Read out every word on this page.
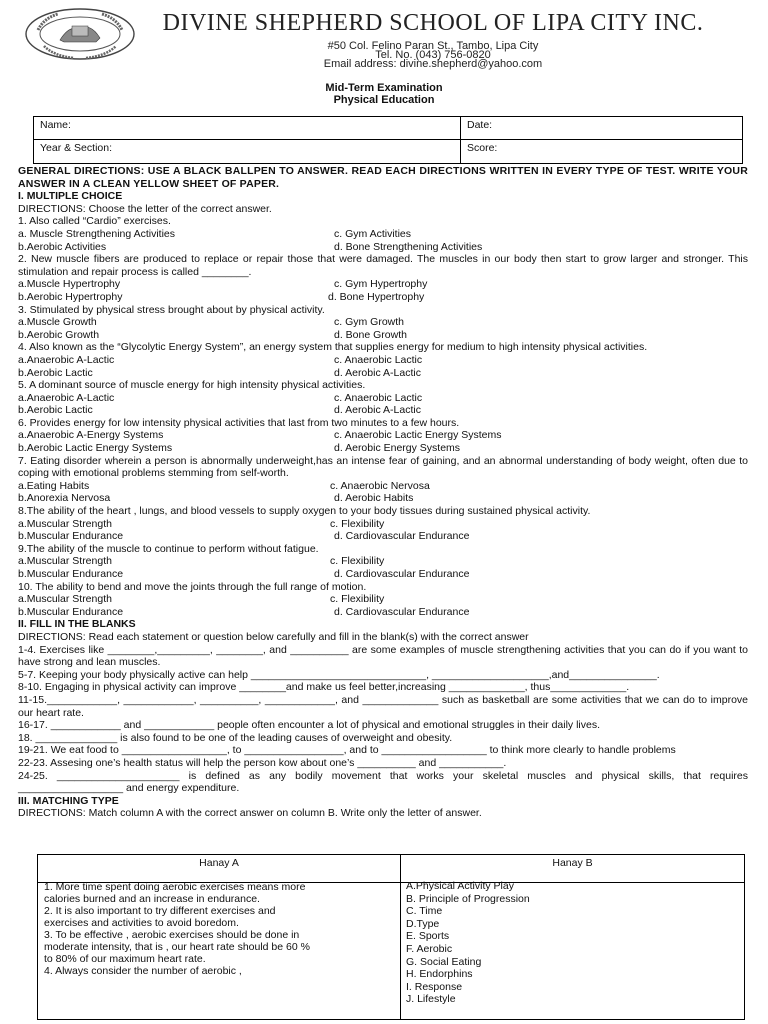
DIVINE SHEPHERD SCHOOL OF LIPA CITY INC.
#50 Col. Felino Paran St., Tambo, Lipa City
Tel. No. (043) 756-0820
Email address: divine.shepherd@yahoo.com
Mid-Term Examination
Physical Education
Name:	Date:
Year & Section:	Score:

GENERAL DIRECTIONS: USE A BLACK BALLPEN TO ANSWER. READ EACH DIRECTIONS WRITTEN IN EVERY TYPE OF TEST. WRITE YOUR ANSWER IN A CLEAN YELLOW SHEET OF PAPER.

I. MULTIPLE CHOICE

DIRECTIONS: Choose the letter of the correct answer.

1. Also called “Cardio” exercises.

a. Muscle Strengthening Activities	c. Gym Activities
b.Aerobic Activities	d. Bone Strengthening Activities

2. New muscle fibers are produced to replace or repair those that were damaged. The muscles in our body then start to grow larger and stronger. This stimulation and repair process is called ________.

a.Muscle Hypertrophy	c. Gym Hypertrophy
b.Aerobic Hypertrophy	d. Bone Hypertrophy

3. Stimulated by physical stress brought about by physical activity.

a.Muscle Growth	c. Gym Growth
b.Aerobic Growth	d. Bone Growth

4. Also known as the “Glycolytic Energy System”, an energy system that supplies energy for medium to high intensity physical activities.

a.Anaerobic A-Lactic	c. Anaerobic Lactic
b.Aerobic Lactic	d. Aerobic A-Lactic

5. A dominant source of muscle energy for high intensity physical activities.

a.Anaerobic A-Lactic	c. Anaerobic Lactic
b.Aerobic Lactic	d. Aerobic A-Lactic

6. Provides energy for low intensity physical activities that last from two minutes to a few hours.

a.Anaerobic A-Energy Systems	c. Anaerobic Lactic Energy Systems
b.Aerobic Lactic Energy Systems	d. Aerobic Energy Systems

7. Eating disorder wherein a person is abnormally underweight,has an intense fear of gaining, and an abnormal understanding of body weight, often due to coping with emotional problems stemming from self-worth.

a.Eating Habits	c. Anaerobic Nervosa
b.Anorexia Nervosa	d. Aerobic Habits

8.The ability of the heart , lungs, and blood vessels to supply oxygen to your body tissues during sustained physical activity.

a.Muscular Strength	c. Flexibility
b.Muscular Endurance	d. Cardiovascular Endurance

9.The ability of the muscle to continue to perform without fatigue.

a.Muscular Strength	c. Flexibility
b.Muscular Endurance	d. Cardiovascular Endurance

10. The ability to bend and move the joints through the full range of motion.

a.Muscular Strength	c. Flexibility
b.Muscular Endurance	d. Cardiovascular Endurance

II. FILL IN THE BLANKS

DIRECTIONS: Read each statement or question below carefully and fill in the blank(s) with the correct answer

1-4. Exercises like ________,_________, ________, and __________ are some examples of muscle strengthening activities that you can do if you want to have strong and lean muscles.

5-7. Keeping your body physically active can help ______________________________, ____________________,and_______________.

8-10. Engaging in physical activity can improve ________and make us feel better,increasing _____________, thus_____________.

11-15.____________, ____________, __________, ____________, and _____________ such as basketball are some activities that we can do to improve our heart rate.

16-17. ____________ and ____________ people often encounter a lot of physical and emotional struggles in their daily lives.

18. ______________ is also found to be one of the leading causes of overweight and obesity.

19-21. We eat food to __________________, to _________________, and to __________________ to think more clearly to handle problems

22-23. Assesing one’s health status will help the person kow about one’s __________ and ___________.

24-25. _____________________ is defined as any bodily movement that works your skeletal muscles and physical skills, that requires __________________ and energy expenditure.

III. MATCHING TYPE

DIRECTIONS: Match column A with the correct answer on column B. Write only the letter of answer.

Hanay A	Hanay B
1. More time spent doing aerobic exercises means more calories burned and an increase in endurance.
2. It is also important to try different exercises and exercises and activities to avoid boredom.
3. To be effective , aerobic exercises should be done in moderate intensity, that is , our heart rate should be 60 % to 80% of our maximum heart rate.
4. Always consider the number of aerobic ,
A.Physical Activity Play
B. Principle of Progression
C. Time
D.Type
E. Sports
F. Aerobic
G. Social Eating
H. Endorphins
I. Response
J. Lifestyle
